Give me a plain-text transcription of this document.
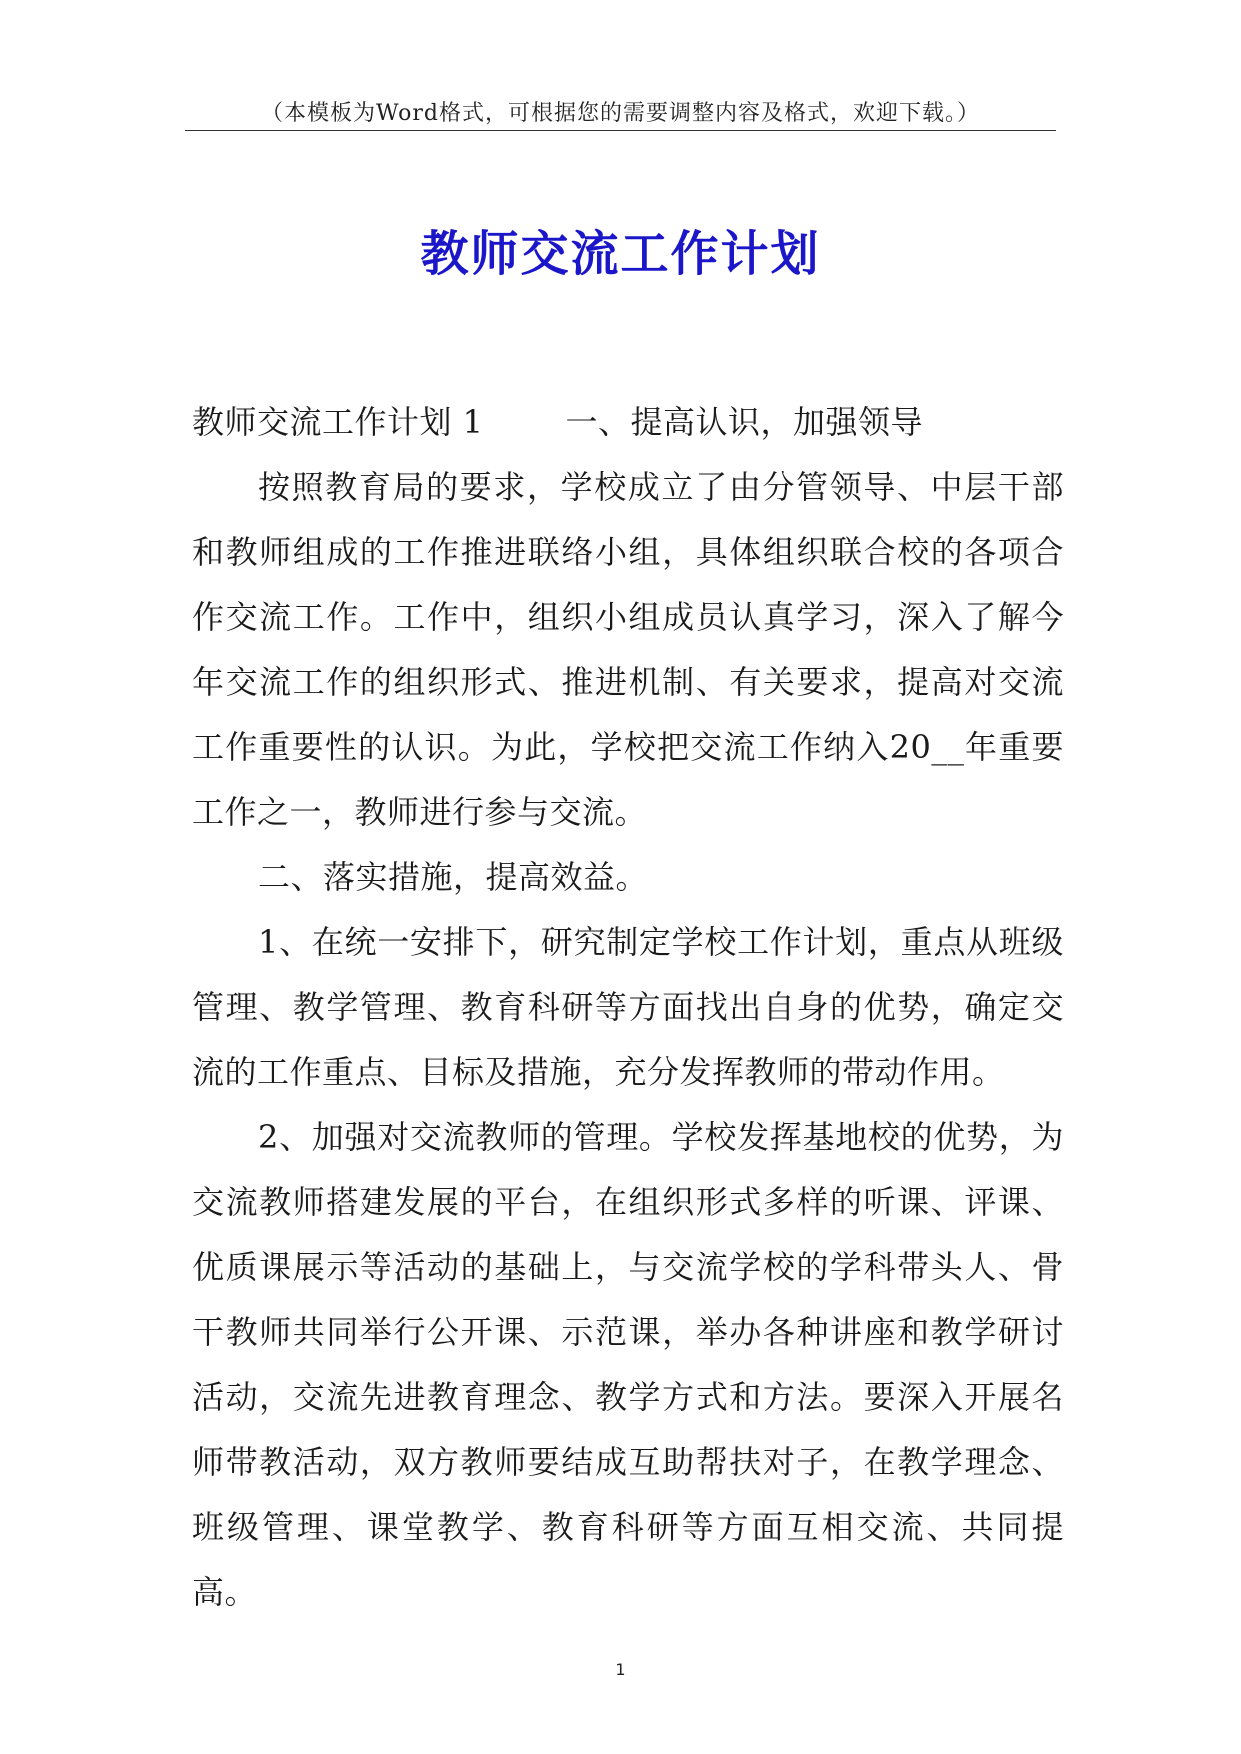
（本模板为Word格式，可根据您的需要调整内容及格式，欢迎下载。）
教师交流工作计划

教师交流工作计划 1	一、提高认识，加强领导

按照教育局的要求，学校成立了由分管领导、中层干部和教师组成的工作推进联络小组，具体组织联合校的各项合作交流工作。工作中，组织小组成员认真学习，深入了解今年交流工作的组织形式、推进机制、有关要求，提高对交流工作重要性的认识。为此，学校把交流工作纳入20__年重要工作之一，教师进行参与交流。

二、落实措施，提高效益。

1、在统一安排下，研究制定学校工作计划，重点从班级管理、教学管理、教育科研等方面找出自身的优势，确定交流的工作重点、目标及措施，充分发挥教师的带动作用。

2、加强对交流教师的管理。学校发挥基地校的优势，为交流教师搭建发展的平台，在组织形式多样的听课、评课、优质课展示等活动的基础上，与交流学校的学科带头人、骨干教师共同举行公开课、示范课，举办各种讲座和教学研讨活动，交流先进教育理念、教学方式和方法。要深入开展名师带教活动，双方教师要结成互助帮扶对子，在教学理念、班级管理、课堂教学、教育科研等方面互相交流、共同提高。

1
